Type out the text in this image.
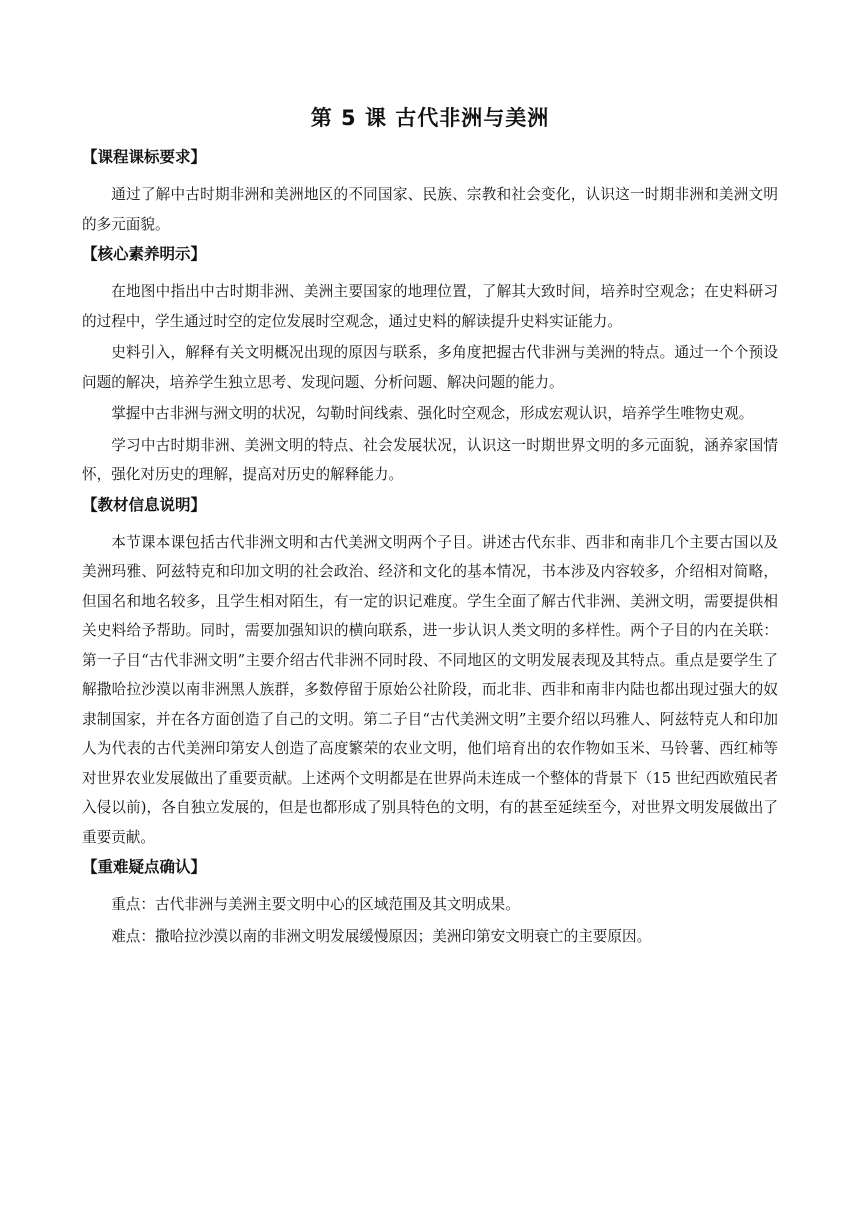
第 5 课 古代非洲与美洲

【课程课标要求】

通过了解中古时期非洲和美洲地区的不同国家、民族、宗教和社会变化，认识这一时期非洲和美洲文明的多元面貌。

【核心素养明示】

在地图中指出中古时期非洲、美洲主要国家的地理位置，了解其大致时间，培养时空观念；在史料研习的过程中，学生通过时空的定位发展时空观念，通过史料的解读提升史料实证能力。

史料引入，解释有关文明概况出现的原因与联系，多角度把握古代非洲与美洲的特点。通过一个个预设问题的解决，培养学生独立思考、发现问题、分析问题、解决问题的能力。

掌握中古非洲与洲文明的状况，勾勒时间线索、强化时空观念，形成宏观认识，培养学生唯物史观。

学习中古时期非洲、美洲文明的特点、社会发展状况，认识这一时期世界文明的多元面貌，涵养家国情怀，强化对历史的理解，提高对历史的解释能力。

【教材信息说明】

本节课本课包括古代非洲文明和古代美洲文明两个子目。讲述古代东非、西非和南非几个主要古国以及美洲玛雅、阿兹特克和印加文明的社会政治、经济和文化的基本情况，书本涉及内容较多，介绍相对简略，但国名和地名较多，且学生相对陌生，有一定的识记难度。学生全面了解古代非洲、美洲文明，需要提供相关史料给予帮助。同时，需要加强知识的横向联系，进一步认识人类文明的多样性。两个子目的内在关联：第一子目“古代非洲文明”主要介绍古代非洲不同时段、不同地区的文明发展表现及其特点。重点是要学生了解撒哈拉沙漠以南非洲黑人族群，多数停留于原始公社阶段，而北非、西非和南非内陆也都出现过强大的奴隶制国家，并在各方面创造了自己的文明。第二子目“古代美洲文明”主要介绍以玛雅人、阿兹特克人和印加人为代表的古代美洲印第安人创造了高度繁荣的农业文明，他们培育出的农作物如玉米、马铃薯、西红柿等对世界农业发展做出了重要贡献。上述两个文明都是在世界尚未连成一个整体的背景下（15 世纪西欧殖民者入侵以前)，各自独立发展的，但是也都形成了别具特色的文明，有的甚至延续至今，对世界文明发展做出了重要贡献。

【重难疑点确认】

重点：古代非洲与美洲主要文明中心的区域范围及其文明成果。

难点：撒哈拉沙漠以南的非洲文明发展缓慢原因；美洲印第安文明衰亡的主要原因。
